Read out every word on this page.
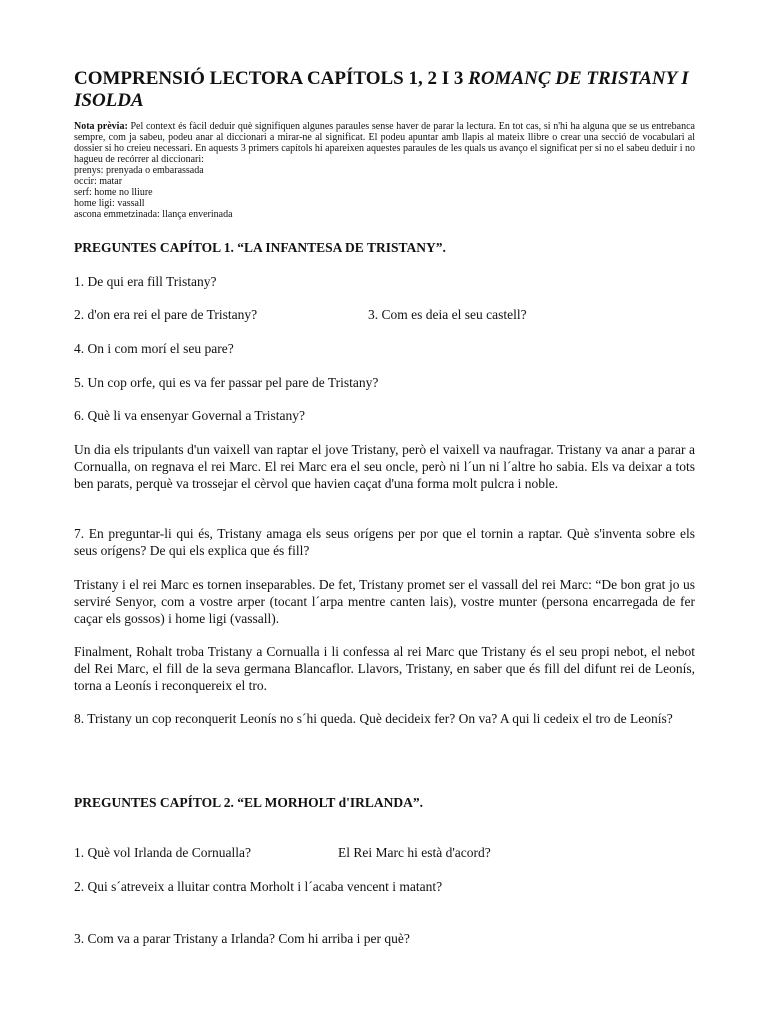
COMPRENSIÓ LECTORA CAPÍTOLS 1, 2 I 3 ROMANÇ DE TRISTANY I ISOLDA
Nota prèvia: Pel context és fàcil deduir què signifiquen algunes paraules sense haver de parar la lectura. En tot cas, si n'hi ha alguna que se us entrebanca sempre, com ja sabeu, podeu anar al diccionari a mirar-ne al significat. El podeu apuntar amb llapis al mateix llibre o crear una secció de vocabulari al dossier si ho creieu necessari. En aquests 3 primers capítols hi apareixen aquestes paraules de les quals us avanço el significat per si no el sabeu deduir i no hagueu de recórrer al diccionari:
prenys: prenyada o embarassada
occir: matar
serf: home no lliure
home ligi: vassall
ascona emmetzinada: llança enverinada
PREGUNTES CAPÍTOL 1. “LA INFANTESA DE TRISTANY”.
1. De qui era fill Tristany?
2. d'on era rei el pare de Tristany?	3. Com es deia el seu castell?
4. On i com morí el seu pare?
5. Un cop orfe, qui es va fer passar pel pare de Tristany?
6. Què li va ensenyar Governal a Tristany?
Un dia els tripulants d'un vaixell van raptar el jove Tristany, però el vaixell va naufragar. Tristany va anar a parar a Cornualla, on regnava el rei Marc. El rei Marc era el seu oncle, però ni l´un ni l´altre ho sabia. Els va deixar a tots ben parats, perquè va trossejar el cèrvol que havien caçat d'una forma molt pulcra i noble.
7. En preguntar-li qui és, Tristany amaga els seus orígens per por que el tornin a raptar. Què s'inventa sobre els seus orígens? De qui els explica que és fill?
Tristany i el rei Marc es tornen inseparables. De fet, Tristany promet ser el vassall del rei Marc: “De bon grat jo us serviré Senyor, com a vostre arper (tocant l´arpa mentre canten lais), vostre munter (persona encarregada de fer caçar els gossos) i home ligi (vassall).
Finalment, Rohalt troba Tristany a Cornualla i li confessa al rei Marc que Tristany és el seu propi nebot, el nebot del Rei Marc, el fill de la seva germana Blancaflor. Llavors, Tristany, en saber que és fill del difunt rei de Leonís, torna a Leonís i reconquereix el tro.
8. Tristany un cop reconquerit Leonís no s´hi queda. Què decideix fer? On va? A qui li cedeix el tro de Leonís?
PREGUNTES CAPÍTOL 2. “EL MORHOLT d'IRLANDA”.
1. Què vol Irlanda de Cornualla?	El Rei Marc hi està d'acord?
2. Qui s´atreveix a lluitar contra Morholt i l´acaba vencent i matant?
3. Com va a parar Tristany a Irlanda? Com hi arriba i per què?
